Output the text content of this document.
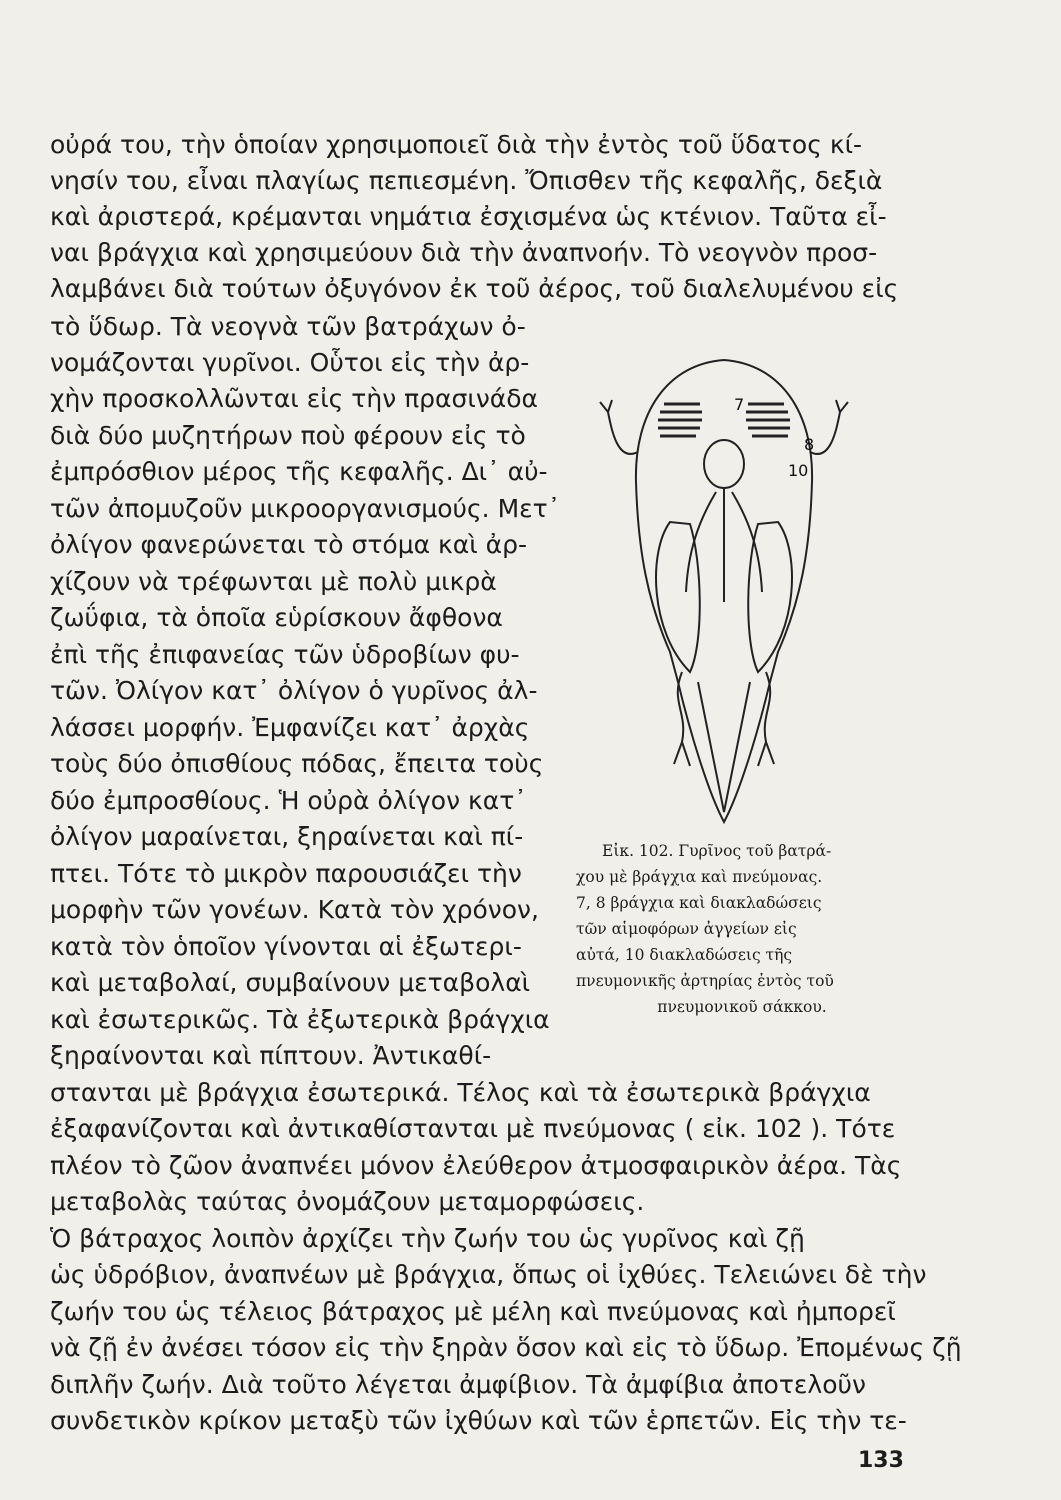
οὐρά του, τὴν ὁποίαν χρησιμοποιεῖ διὰ τὴν ἐντὸς τοῦ ὕδατος κί-

νησίν του, εἶναι πλαγίως πεπιεσμένη. Ὄπισθεν τῆς κεφαλῆς, δεξιὰ

καὶ ἀριστερά, κρέμανται νημάτια ἐσχισμένα ὡς κτένιον. Ταῦτα εἶ-

ναι βράγχια καὶ χρησιμεύουν διὰ τὴν ἀναπνοήν. Τὸ νεογνὸν προσ-

λαμβάνει διὰ τούτων ὀξυγόνον ἐκ τοῦ ἀέρος, τοῦ διαλελυμένου εἰς

τὸ ὕδωρ. Τὰ νεογνὰ τῶν βατράχων ὀ-

νομάζονται γυρῖνοι. Οὗτοι εἰς τὴν ἀρ-

χὴν προσκολλῶνται εἰς τὴν πρασινάδα

διὰ δύο μυζητήρων ποὺ φέρουν εἰς τὸ

ἐμπρόσθιον μέρος τῆς κεφαλῆς. Δι᾿ αὐ-

τῶν ἀπομυζοῦν μικροοργανισμούς. Μετ᾿

ὀλίγον φανερώνεται τὸ στόμα καὶ ἀρ-

χίζουν νὰ τρέφωνται μὲ πολὺ μικρὰ

ζωΰφια, τὰ ὁποῖα εὑρίσκουν ἄφθονα

ἐπὶ τῆς ἐπιφανείας τῶν ὑδροβίων φυ-

τῶν. Ὀλίγον κατ᾿ ὀλίγον ὁ γυρῖνος ἀλ-

λάσσει μορφήν. Ἐμφανίζει κατ᾿ ἀρχὰς

τοὺς δύο ὀπισθίους πόδας, ἔπειτα τοὺς

δύο ἐμπροσθίους. Ἡ οὐρὰ ὀλίγον κατ᾿

ὀλίγον μαραίνεται, ξηραίνεται καὶ πί-

πτει. Τότε τὸ μικρὸν παρουσιάζει τὴν

μορφὴν τῶν γονέων. Κατὰ τὸν χρόνον,

κατὰ τὸν ὁποῖον γίνονται αἱ ἐξωτερι-

καὶ μεταβολαί, συμβαίνουν μεταβολαὶ

καὶ ἐσωτερικῶς. Τὰ ἐξωτερικὰ βράγχια

ξηραίνονται καὶ πίπτουν. Ἀντικαθί-

στανται μὲ βράγχια ἐσωτερικά. Τέλος καὶ τὰ ἐσωτερικὰ βράγχια

ἐξαφανίζονται καὶ ἀντικαθίστανται μὲ πνεύμονας ( εἰκ. 102 ). Τότε

πλέον τὸ ζῶον ἀναπνέει μόνον ἐλεύθερον ἀτμοσφαιρικὸν ἀέρα. Τὰς

μεταβολὰς ταύτας ὀνομάζουν μεταμορφώσεις.

Ὁ βάτραχος λοιπὸν ἀρχίζει τὴν ζωήν του ὡς γυρῖνος καὶ ζῇ

ὡς ὑδρόβιον, ἀναπνέων μὲ βράγχια, ὅπως οἱ ἰχθύες. Τελειώνει δὲ τὴν

ζωήν του ὡς τέλειος βάτραχος μὲ μέλη καὶ πνεύμονας καὶ ἠμπορεῖ

νὰ ζῇ ἐν ἀνέσει τόσον εἰς τὴν ξηρὰν ὅσον καὶ εἰς τὸ ὕδωρ. Ἐπομένως ζῇ

διπλῆν ζωήν. Διὰ τοῦτο λέγεται ἀμφίβιον. Τὰ ἀμφίβια ἀποτελοῦν

συνδετικὸν κρίκον μεταξὺ τῶν ἰχθύων καὶ τῶν ἑρπετῶν. Εἰς τὴν τε-

7
8
10
Εἰκ. 102. Γυρῖνος τοῦ βατρά-
χου μὲ βράγχια καὶ πνεύμονας.
7, 8 βράγχια καὶ διακλαδώσεις
τῶν αἱμοφόρων ἀγγείων εἰς
αὐτά, 10 διακλαδώσεις τῆς
πνευμονικῆς ἀρτηρίας ἐντὸς τοῦ
πνευμονικοῦ σάκκου.
133
